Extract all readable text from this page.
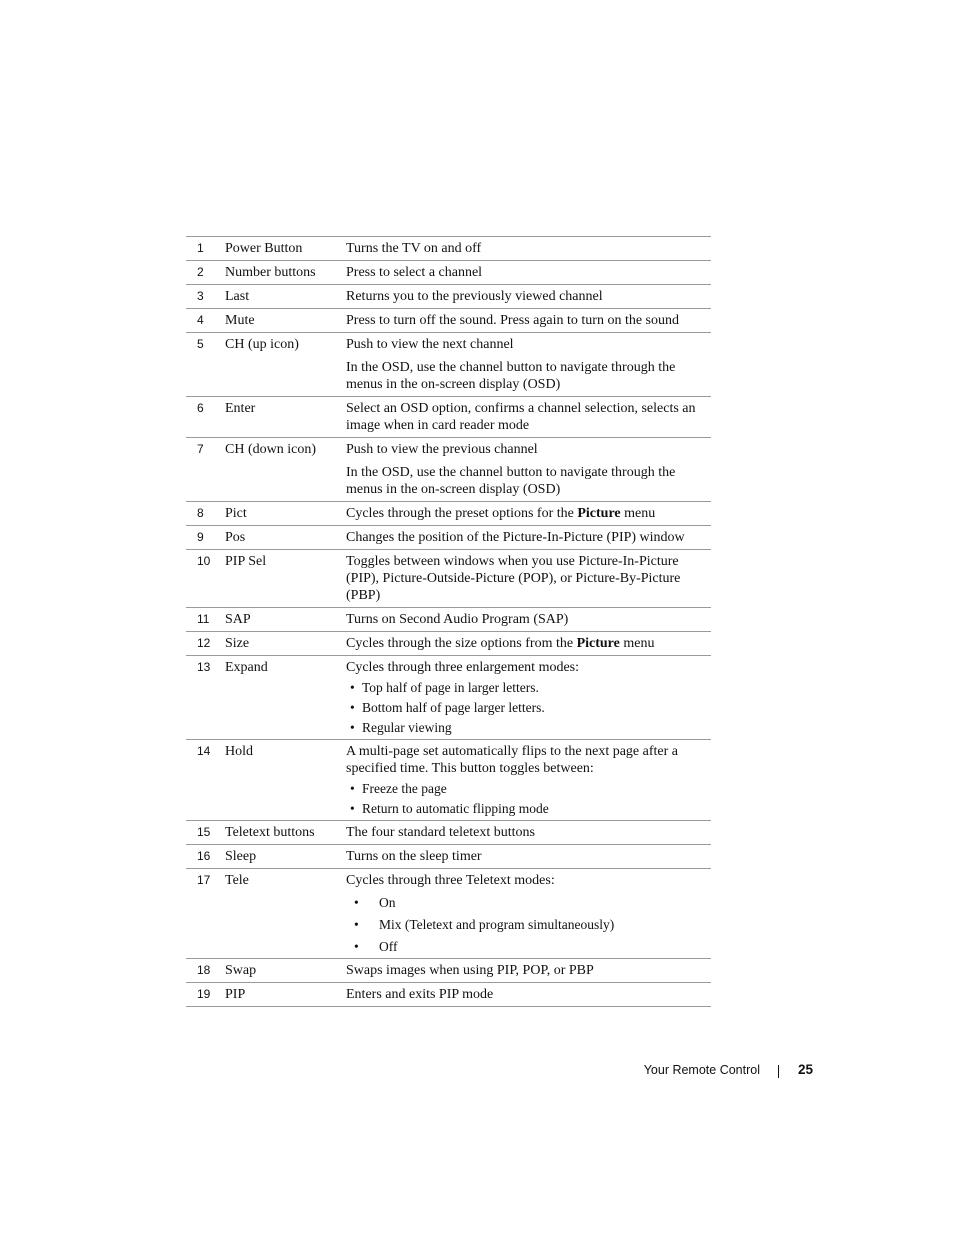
1	Power Button	Turns the TV on and off

2	Number buttons	Press to select a channel

3	Last	Returns you to the previously viewed channel

4	Mute	Press to turn off the sound. Press again to turn on the sound

5	CH (up icon)	Push to view the next channel

In the OSD, use the channel button to navigate through the menus in the on-screen display (OSD)

6	Enter	Select an OSD option, confirms a channel selection, selects an image when in card reader mode

7	CH (down icon)	Push to view the previous channel

In the OSD, use the channel button to navigate through the menus in the on-screen display (OSD)

8	Pict	Cycles through the preset options for the Picture menu

9	Pos	Changes the position of the Picture-In-Picture (PIP) window

10	PIP Sel	Toggles between windows when you use Picture-In-Picture (PIP), Picture-Outside-Picture (POP), or Picture-By-Picture (PBP)

11	SAP	Turns on Second Audio Program (SAP)

12	Size	Cycles through the size options from the Picture menu

13	Expand	Cycles through three enlargement modes:

• Top half of page in larger letters.
• Bottom half of page larger letters.
• Regular viewing
14	Hold	A multi-page set automatically flips to the next page after a specified time. This button toggles between:

• Freeze the page
• Return to automatic flipping mode
15	Teletext buttons	The four standard teletext buttons

16	Sleep	Turns on the sleep timer

17	Tele	Cycles through three Teletext modes:

•	On
•	Mix (Teletext and program simultaneously)
•	Off
18	Swap	Swaps images when using PIP, POP, or PBP

19	PIP	Enters and exits PIP mode

Your Remote Control	25
